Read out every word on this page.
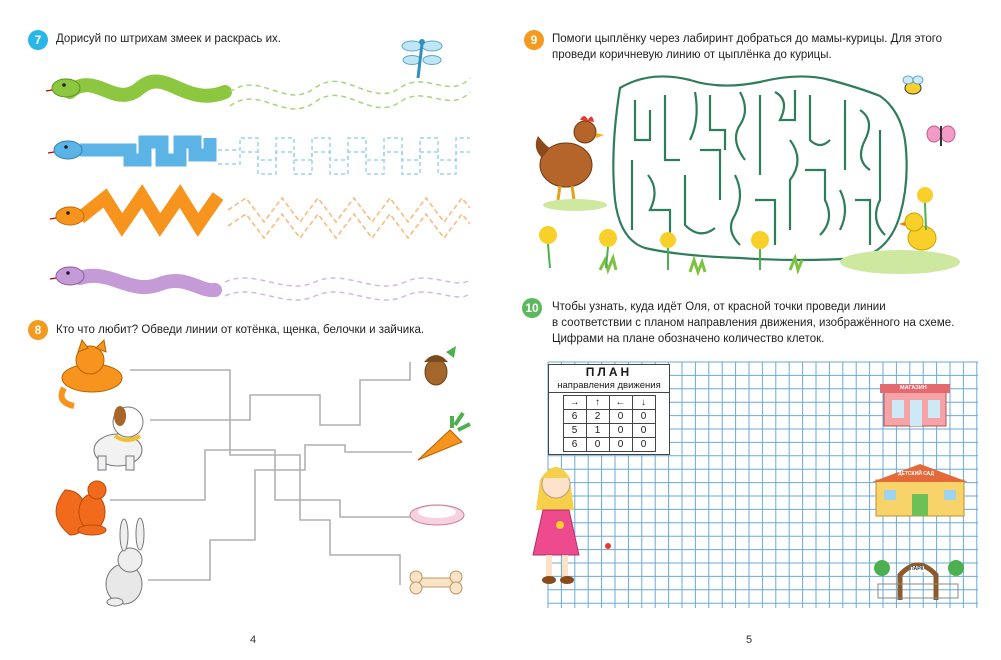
7	Дорисуй по штрихам змеек и раскрась их.
8	Кто что любит? Обведи линии от котёнка, щенка, белочки и зайчика.
4
9	Помоги цыплёнку через лабиринт добраться до мамы-курицы. Для этого
проведи коричневую линию от цыплёнка до курицы.
10 Чтобы узнать, куда идёт Оля, от красной точки проведи линии
в соответствии с планом направления движения, изображённого на схеме.
Цифрами на плане обозначено количество клеток.
ПЛАН
направления движения
→	↑	←	↓
6	2	0	0
5	1	0	0
6	0	0	0
МАГАЗИН
ДЕТСКИЙ САД
ПАРК
5
